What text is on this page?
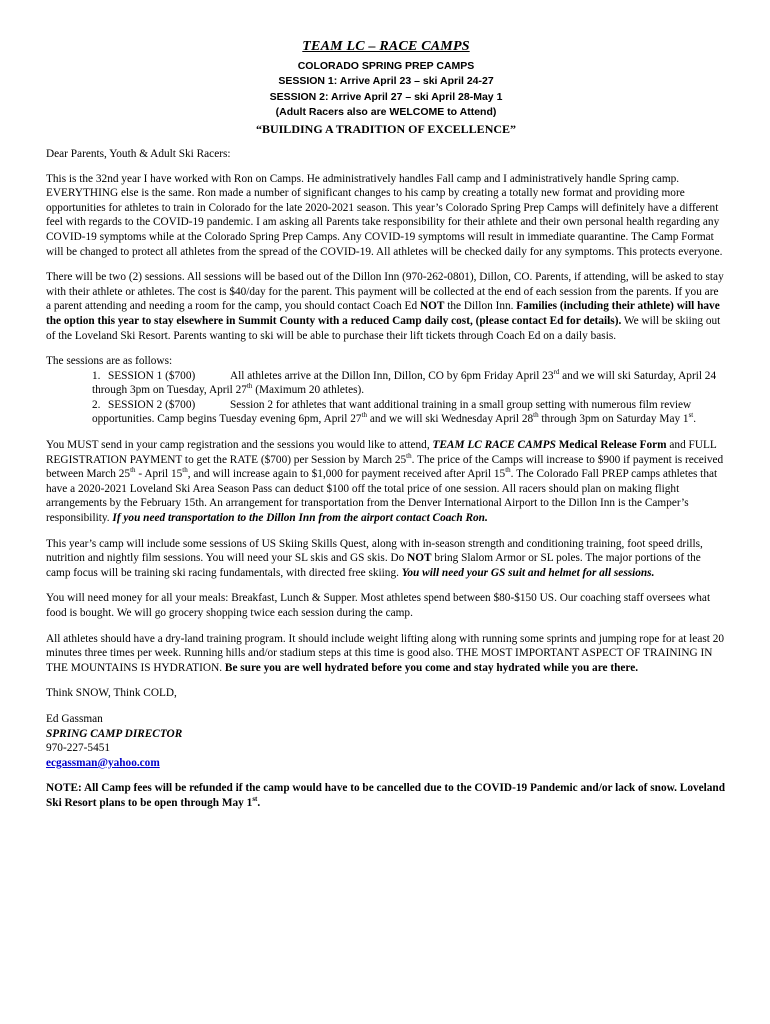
TEAM LC – RACE CAMPS
COLORADO SPRING PREP CAMPS
SESSION 1: Arrive April 23 – ski April 24-27
SESSION 2: Arrive April 27 – ski April 28-May 1
(Adult Racers also are WELCOME to Attend)
“BUILDING A TRADITION OF EXCELLENCE”

Dear Parents, Youth & Adult Ski Racers:

This is the 32nd year I have worked with Ron on Camps. He administratively handles Fall camp and I administratively handle Spring camp. EVERYTHING else is the same. Ron made a number of significant changes to his camp by creating a totally new format and providing more opportunities for athletes to train in Colorado for the late 2020-2021 season. This year’s Colorado Spring Prep Camps will definitely have a different feel with regards to the COVID-19 pandemic. I am asking all Parents take responsibility for their athlete and their own personal health regarding any COVID-19 symptoms while at the Colorado Spring Prep Camps. Any COVID-19 symptoms will result in immediate quarantine. The Camp Format will be changed to protect all athletes from the spread of the COVID-19. All athletes will be checked daily for any symptoms. This protects everyone.

There will be two (2) sessions. All sessions will be based out of the Dillon Inn (970-262-0801), Dillon, CO. Parents, if attending, will be asked to stay with their athlete or athletes. The cost is $40/day for the parent. This payment will be collected at the end of each session from the parents. If you are a parent attending and needing a room for the camp, you should contact Coach Ed NOT the Dillon Inn. Families (including their athlete) will have the option this year to stay elsewhere in Summit County with a reduced Camp daily cost, (please contact Ed for details). We will be skiing out of the Loveland Ski Resort. Parents wanting to ski will be able to purchase their lift tickets through Coach Ed on a daily basis.

The sessions are as follows:

1. SESSION 1 ($700)	All athletes arrive at the Dillon Inn, Dillon, CO by 6pm Friday April 23rd and we will ski Saturday, April 24 through 3pm on Tuesday, April 27th (Maximum 20 athletes).
2. SESSION 2 ($700)	Session 2 for athletes that want additional training in a small group setting with numerous film review opportunities. Camp begins Tuesday evening 6pm, April 27th and we will ski Wednesday April 28th through 3pm on Saturday May 1st.

You MUST send in your camp registration and the sessions you would like to attend, TEAM LC RACE CAMPS Medical Release Form and FULL REGISTRATION PAYMENT to get the RATE ($700) per Session by March 25th. The price of the Camps will increase to $900 if payment is received between March 25th - April 15th, and will increase again to $1,000 for payment received after April 15th. The Colorado Fall PREP camps athletes that have a 2020-2021 Loveland Ski Area Season Pass can deduct $100 off the total price of one session. All racers should plan on making flight arrangements by the February 15th. An arrangement for transportation from the Denver International Airport to the Dillon Inn is the Camper’s responsibility. If you need transportation to the Dillon Inn from the airport contact Coach Ron.

This year’s camp will include some sessions of US Skiing Skills Quest, along with in-season strength and conditioning training, foot speed drills, nutrition and nightly film sessions. You will need your SL skis and GS skis. Do NOT bring Slalom Armor or SL poles. The major portions of the camp focus will be training ski racing fundamentals, with directed free skiing. You will need your GS suit and helmet for all sessions.

You will need money for all your meals: Breakfast, Lunch & Supper. Most athletes spend between $80-$150 US. Our coaching staff oversees what food is bought. We will go grocery shopping twice each session during the camp.

All athletes should have a dry-land training program. It should include weight lifting along with running some sprints and jumping rope for at least 20 minutes three times per week. Running hills and/or stadium steps at this time is good also. THE MOST IMPORTANT ASPECT OF TRAINING IN THE MOUNTAINS IS HYDRATION. Be sure you are well hydrated before you come and stay hydrated while you are there.

Think SNOW, Think COLD,

Ed Gassman
SPRING CAMP DIRECTOR
970-227-5451
ecgassman@yahoo.com

NOTE: All Camp fees will be refunded if the camp would have to be cancelled due to the COVID-19 Pandemic and/or lack of snow. Loveland Ski Resort plans to be open through May 1st.
